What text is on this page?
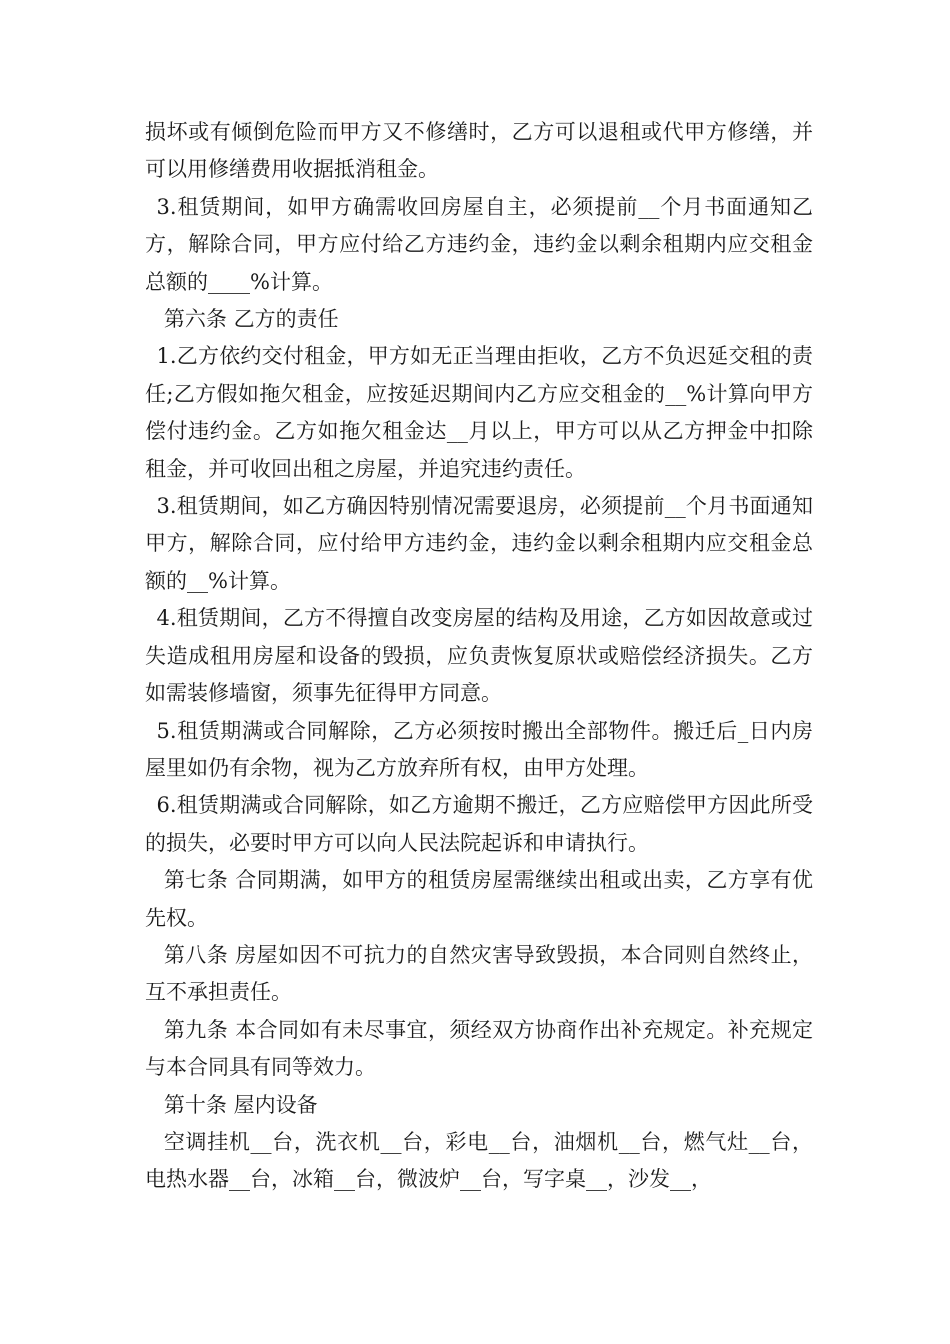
损坏或有倾倒危险而甲方又不修缮时，乙方可以退租或代甲方修缮，并可以用修缮费用收据抵消租金。

3.租赁期间，如甲方确需收回房屋自主，必须提前__个月书面通知乙方，解除合同，甲方应付给乙方违约金，违约金以剩余租期内应交租金总额的____%计算。

第六条 乙方的责任

1.乙方依约交付租金，甲方如无正当理由拒收，乙方不负迟延交租的责任;乙方假如拖欠租金，应按延迟期间内乙方应交租金的__%计算向甲方偿付违约金。乙方如拖欠租金达__月以上，甲方可以从乙方押金中扣除租金，并可收回出租之房屋，并追究违约责任。

3.租赁期间，如乙方确因特别情况需要退房，必须提前__个月书面通知甲方，解除合同，应付给甲方违约金，违约金以剩余租期内应交租金总额的__%计算。

4.租赁期间，乙方不得擅自改变房屋的结构及用途，乙方如因故意或过失造成租用房屋和设备的毁损，应负责恢复原状或赔偿经济损失。乙方如需装修墙窗，须事先征得甲方同意。

5.租赁期满或合同解除，乙方必须按时搬出全部物件。搬迁后_日内房屋里如仍有余物，视为乙方放弃所有权，由甲方处理。

6.租赁期满或合同解除，如乙方逾期不搬迁，乙方应赔偿甲方因此所受的损失，必要时甲方可以向人民法院起诉和申请执行。

第七条 合同期满，如甲方的租赁房屋需继续出租或出卖，乙方享有优先权。

第八条 房屋如因不可抗力的自然灾害导致毁损，本合同则自然终止，互不承担责任。

第九条 本合同如有未尽事宜，须经双方协商作出补充规定。补充规定与本合同具有同等效力。

第十条 屋内设备

空调挂机__台，洗衣机__台，彩电__台，油烟机__台，燃气灶__台，电热水器__台，冰箱__台，微波炉__台，写字桌__，沙发__，
